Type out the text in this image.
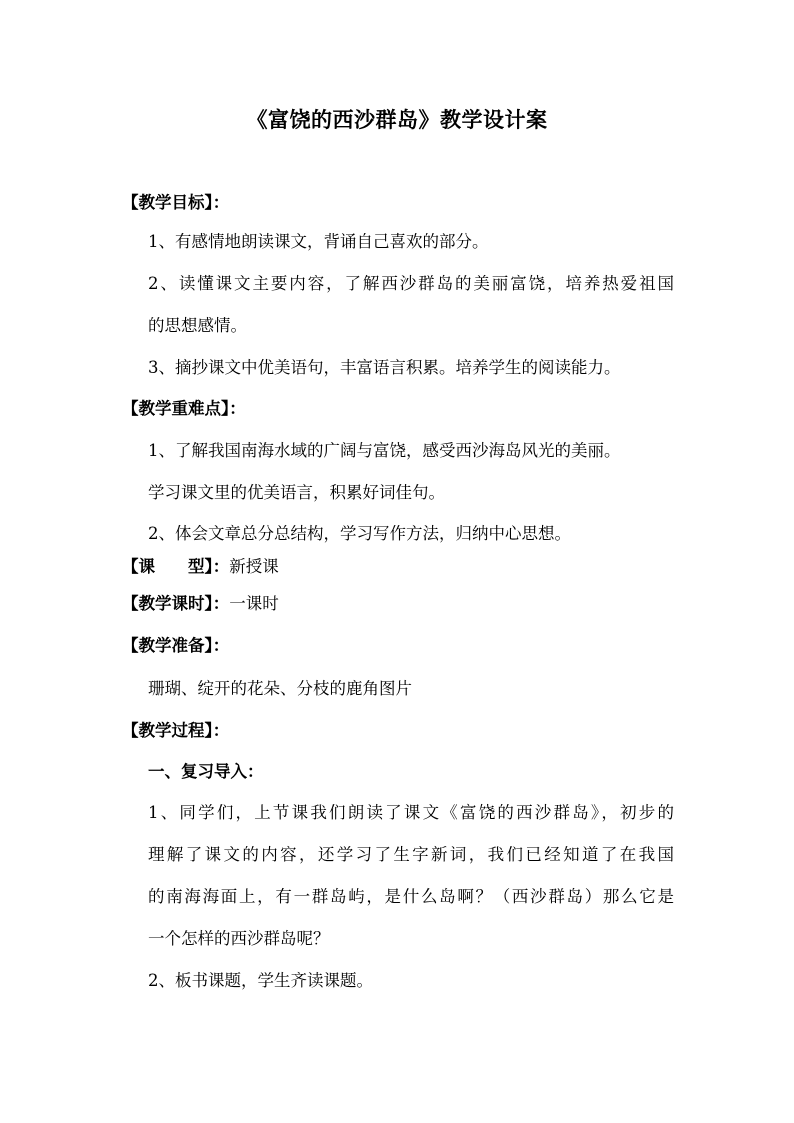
《富饶的西沙群岛》教学设计案
【教学目标】：
1、有感情地朗读课文，背诵自己喜欢的部分。
2、读懂课文主要内容，了解西沙群岛的美丽富饶，培养热爱祖国
的思想感情。
3、摘抄课文中优美语句，丰富语言积累。培养学生的阅读能力。
【教学重难点】：
1、了解我国南海水域的广阔与富饶，感受西沙海岛风光的美丽。
学习课文里的优美语言，积累好词佳句。
2、体会文章总分总结构，学习写作方法，归纳中心思想。
【课　　型】：新授课
【教学课时】：一课时
【教学准备】：
珊瑚、绽开的花朵、分枝的鹿角图片
【教学过程】：
一、复习导入：
1、同学们，上节课我们朗读了课文《富饶的西沙群岛》，初步的
理解了课文的内容，还学习了生字新词，我们已经知道了在我国
的南海海面上，有一群岛屿，是什么岛啊？（西沙群岛）那么它是
一个怎样的西沙群岛呢？
2、板书课题，学生齐读课题。
